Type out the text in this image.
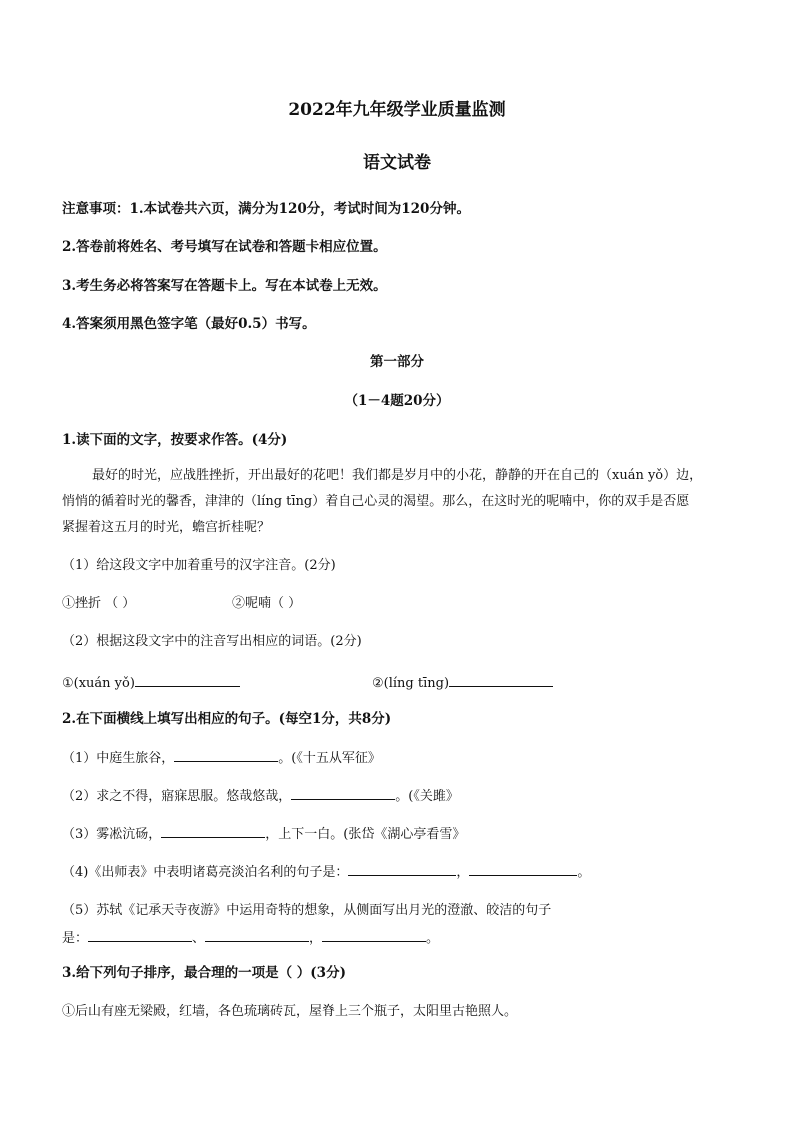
2022年九年级学业质量监测
语文试卷
注意事项：1.本试卷共六页，满分为120分，考试时间为120分钟。
2.答卷前将姓名、考号填写在试卷和答题卡相应位置。
3.考生务必将答案写在答题卡上。写在本试卷上无效。
4.答案须用黑色签字笔（最好0.5）书写。
第一部分
（1－4题20分）
1.读下面的文字，按要求作答。(4分)
最好的时光，应战胜挫折，开出最好的花吧！我们都是岁月中的小花，静静的开在自己的（xuán yǒ）边，
悄悄的循着时光的馨香，津津的（líng tīng）着自己心灵的渴望。那么，在这时光的呢喃中，你的双手是否愿
紧握着这五月的时光，蟾宫折桂呢？
（1）给这段文字中加着重号的汉字注音。(2分)
①挫折 （ ）	②呢喃（ ）
（2）根据这段文字中的注音写出相应的词语。(2分)
①(xuán yǒ)	②(líng tīng)
2.在下面横线上填写出相应的句子。(每空1分，共8分)
（1）中庭生旅谷，	。(《十五从军征》
（2）求之不得，寤寐思服。悠哉悠哉，	。(《关雎》
（3）雾凇沆砀，	，上下一白。(张岱《湖心亭看雪》
（4)《出师表》中表明诸葛亮淡泊名利的句子是：	，	。
（5）苏轼《记承天寺夜游》中运用奇特的想象，从侧面写出月光的澄澈、皎洁的句子
是：	、	，	。
3.给下列句子排序，最合理的一项是（ ）(3分)
①后山有座无梁殿，红墙，各色琉璃砖瓦，屋脊上三个瓶子，太阳里古艳照人。
